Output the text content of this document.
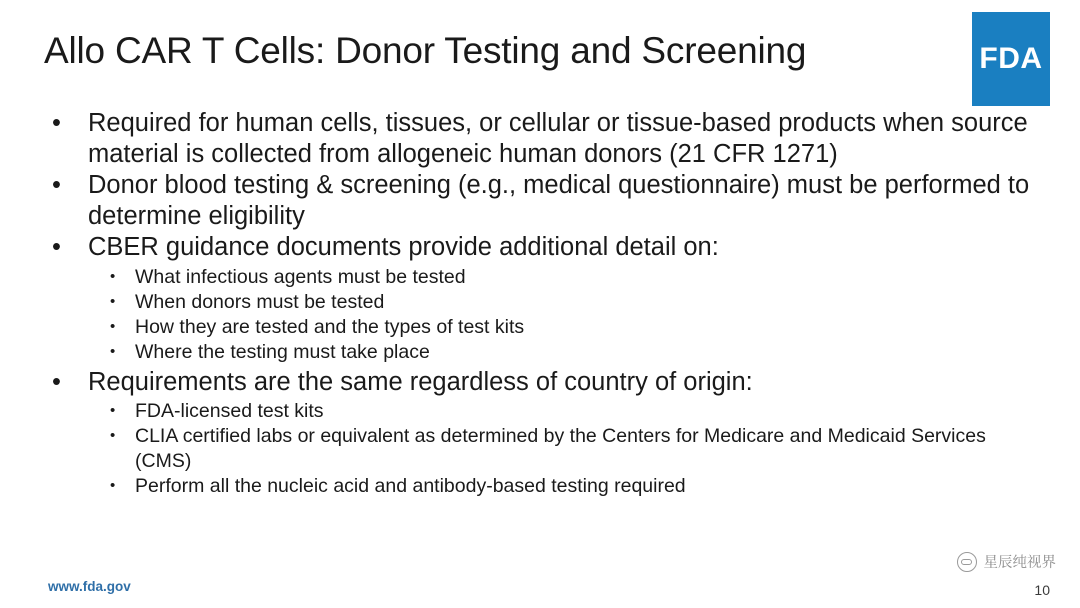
FDA
Allo CAR T Cells: Donor Testing and Screening
• Required for human cells, tissues, or cellular or tissue-based products when source material is collected from allogeneic human donors (21 CFR 1271)
• Donor blood testing & screening (e.g., medical questionnaire) must be performed to determine eligibility
• CBER guidance documents provide additional detail on:
• What infectious agents must be tested
• When donors must be tested
• How they are tested and the types of test kits
• Where the testing must take place
• Requirements are the same regardless of country of origin:
• FDA-licensed test kits
• CLIA certified labs or equivalent as determined by the Centers for Medicare and Medicaid Services (CMS)
• Perform all the nucleic acid and antibody-based testing required
www.fda.gov
星辰纯视界
10
